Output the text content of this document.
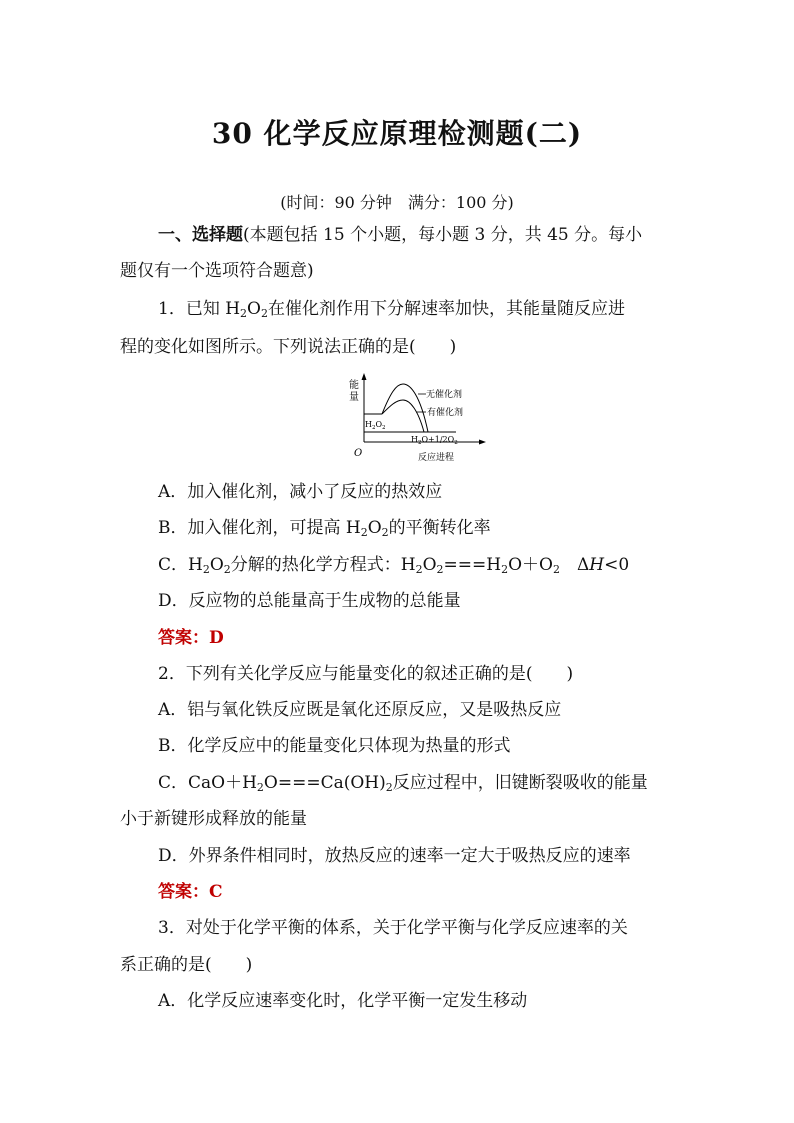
30 化学反应原理检测题(二)
(时间：90 分钟　满分：100 分)
一、选择题(本题包括 15 个小题，每小题 3 分，共 45 分。每小
题仅有一个选项符合题意)
1．已知 $H_2O_2$在催化剂作用下分解速率加快，其能量随反应进
程的变化如图所示。下列说法正确的是(　　)
能
量
O	反应进程
$H_2O_2$
$H_2O+1/2O_2$
无催化剂
有催化剂
A．加入催化剂，减小了反应的热效应
B．加入催化剂，可提高 $H_2O_2$的平衡转化率
C．$H_2O_2$分解的热化学方程式：$H_2O_2===H_2O+O_2$　ΔH<0
D．反应物的总能量高于生成物的总能量
答案：D
2．下列有关化学反应与能量变化的叙述正确的是(　　)
A．铝与氧化铁反应既是氧化还原反应，又是吸热反应
B．化学反应中的能量变化只体现为热量的形式
C．$CaO+H_2O===Ca(OH)_2$反应过程中，旧键断裂吸收的能量
小于新键形成释放的能量
D．外界条件相同时，放热反应的速率一定大于吸热反应的速率
答案：C
3．对处于化学平衡的体系，关于化学平衡与化学反应速率的关
系正确的是(　　)
A．化学反应速率变化时，化学平衡一定发生移动
